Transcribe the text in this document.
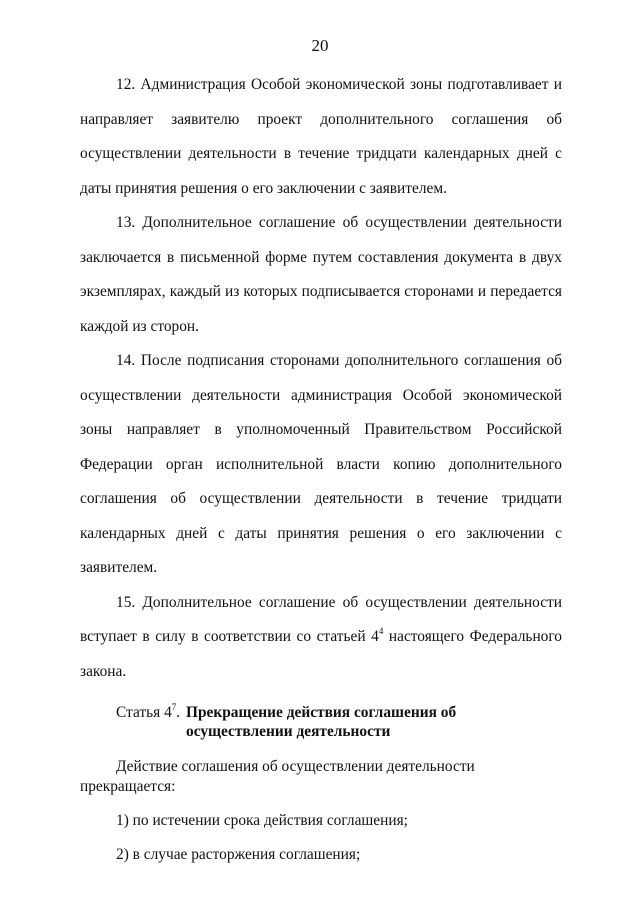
20

12. Администрация Особой экономической зоны подготавливает и направляет заявителю проект дополнительного соглашения об осуществлении деятельности в течение тридцати календарных дней с даты принятия решения о его заключении с заявителем.

13. Дополнительное соглашение об осуществлении деятельности заключается в письменной форме путем составления документа в двух экземплярах, каждый из которых подписывается сторонами и передается каждой из сторон.

14. После подписания сторонами дополнительного соглашения об осуществлении деятельности администрация Особой экономической зоны направляет в уполномоченный Правительством Российской Федерации орган исполнительной власти копию дополнительного соглашения об осуществлении деятельности в течение тридцати календарных дней с даты принятия решения о его заключении с заявителем.

15. Дополнительное соглашение об осуществлении деятельности вступает в силу в соответствии со статьей $4^4$ настоящего Федерального закона.

Статья $4^7$. Прекращение действия соглашения об осуществлении деятельности

Действие соглашения об осуществлении деятельности прекращается:

1) по истечении срока действия соглашения;

2) в случае расторжения соглашения;
